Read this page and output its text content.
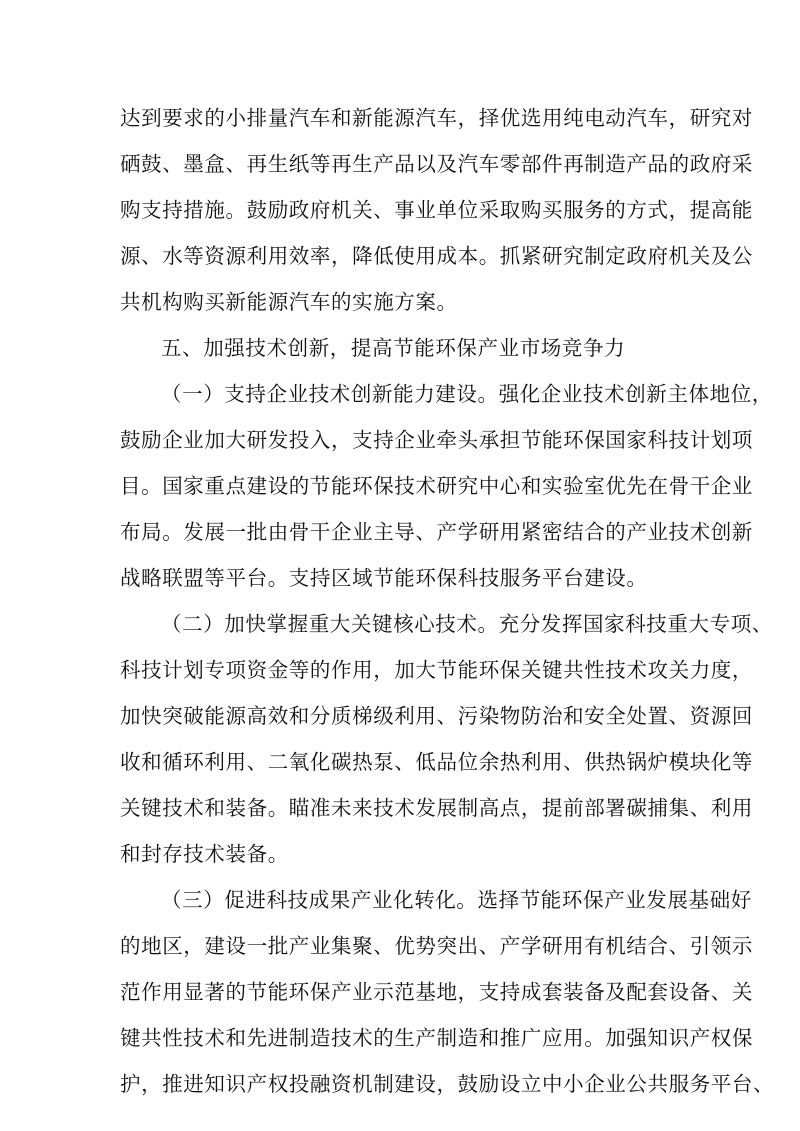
达到要求的小排量汽车和新能源汽车，择优选用纯电动汽车，研究对
硒鼓、墨盒、再生纸等再生产品以及汽车零部件再制造产品的政府采
购支持措施。鼓励政府机关、事业单位采取购买服务的方式，提高能
源、水等资源利用效率，降低使用成本。抓紧研究制定政府机关及公
共机构购买新能源汽车的实施方案。
五、加强技术创新，提高节能环保产业市场竞争力
（一）支持企业技术创新能力建设。强化企业技术创新主体地位，
鼓励企业加大研发投入，支持企业牵头承担节能环保国家科技计划项
目。国家重点建设的节能环保技术研究中心和实验室优先在骨干企业
布局。发展一批由骨干企业主导、产学研用紧密结合的产业技术创新
战略联盟等平台。支持区域节能环保科技服务平台建设。
（二）加快掌握重大关键核心技术。充分发挥国家科技重大专项、
科技计划专项资金等的作用，加大节能环保关键共性技术攻关力度，
加快突破能源高效和分质梯级利用、污染物防治和安全处置、资源回
收和循环利用、二氧化碳热泵、低品位余热利用、供热锅炉模块化等
关键技术和装备。瞄准未来技术发展制高点，提前部署碳捕集、利用
和封存技术装备。
（三）促进科技成果产业化转化。选择节能环保产业发展基础好
的地区，建设一批产业集聚、优势突出、产学研用有机结合、引领示
范作用显著的节能环保产业示范基地，支持成套装备及配套设备、关
键共性技术和先进制造技术的生产制造和推广应用。加强知识产权保
护，推进知识产权投融资机制建设，鼓励设立中小企业公共服务平台、
